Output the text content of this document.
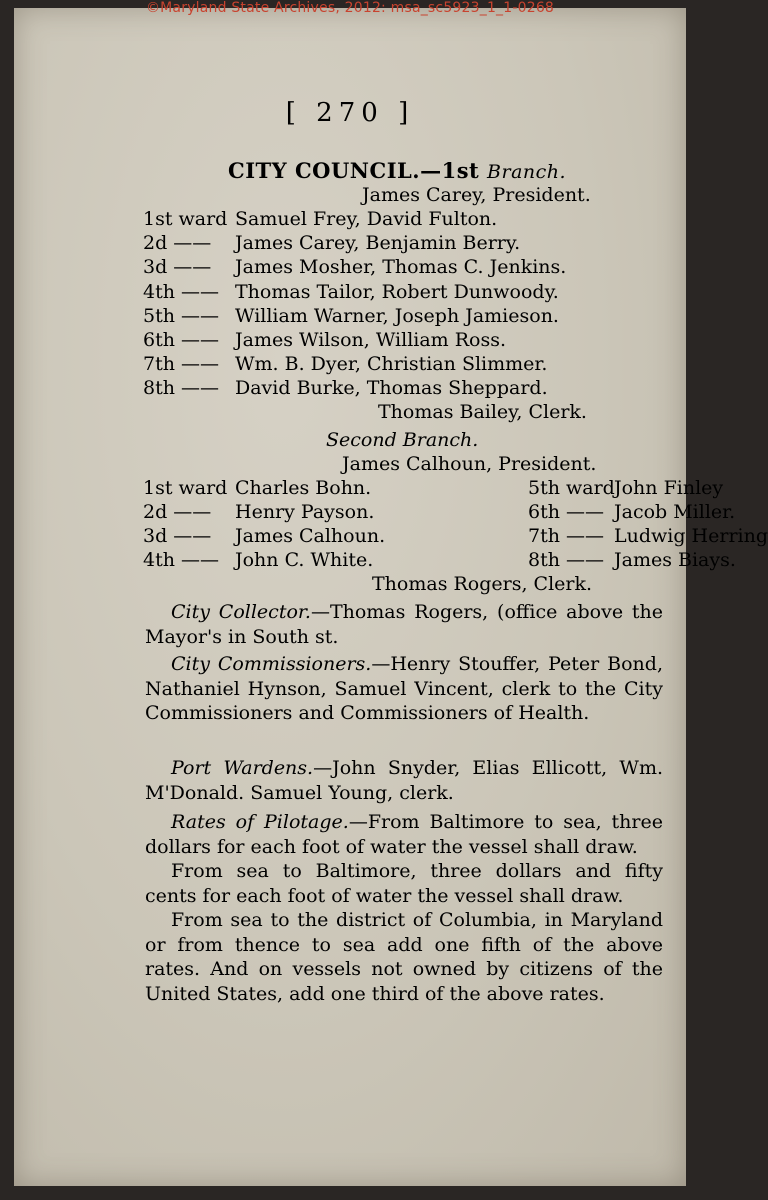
©Maryland State Archives, 2012: msa_sc5923_1_1-0268
[ 270 ]
CITY COUNCIL.—1st Branch.
James Carey, President.
1st ward Samuel Frey, David Fulton.
2d —— James Carey, Benjamin Berry.
3d —— James Mosher, Thomas C. Jenkins.
4th —— Thomas Tailor, Robert Dunwoody.
5th —— William Warner, Joseph Jamieson.
6th —— James Wilson, William Ross.
7th —— Wm. B. Dyer, Christian Slimmer.
8th —— David Burke, Thomas Sheppard.
Thomas Bailey, Clerk.
Second Branch.
James Calhoun, President.
1st ward Charles Bohn.	5th wardJohn Finley
2d —— Henry Payson.	6th —— Jacob Miller.
3d —— James Calhoun.	7th —— Ludwig Herring
4th —— John C. White.	8th —— James Biays.
Thomas Rogers, Clerk.

City Collector.—Thomas Rogers, (office above the Mayor's in South st.

City Commissioners.—Henry Stouffer, Peter Bond, Nathaniel Hynson, Samuel Vincent, clerk to the City Commissioners and Commissioners of Health.

Port Wardens.—John Snyder, Elias Ellicott, Wm. M'Donald. Samuel Young, clerk.

Rates of Pilotage.—From Baltimore to sea, three dollars for each foot of water the vessel shall draw.

From sea to Baltimore, three dollars and fifty cents for each foot of water the vessel shall draw.

From sea to the district of Columbia, in Maryland or from thence to sea add one fifth of the above rates. And on vessels not owned by citizens of the United States, add one third of the above rates.
